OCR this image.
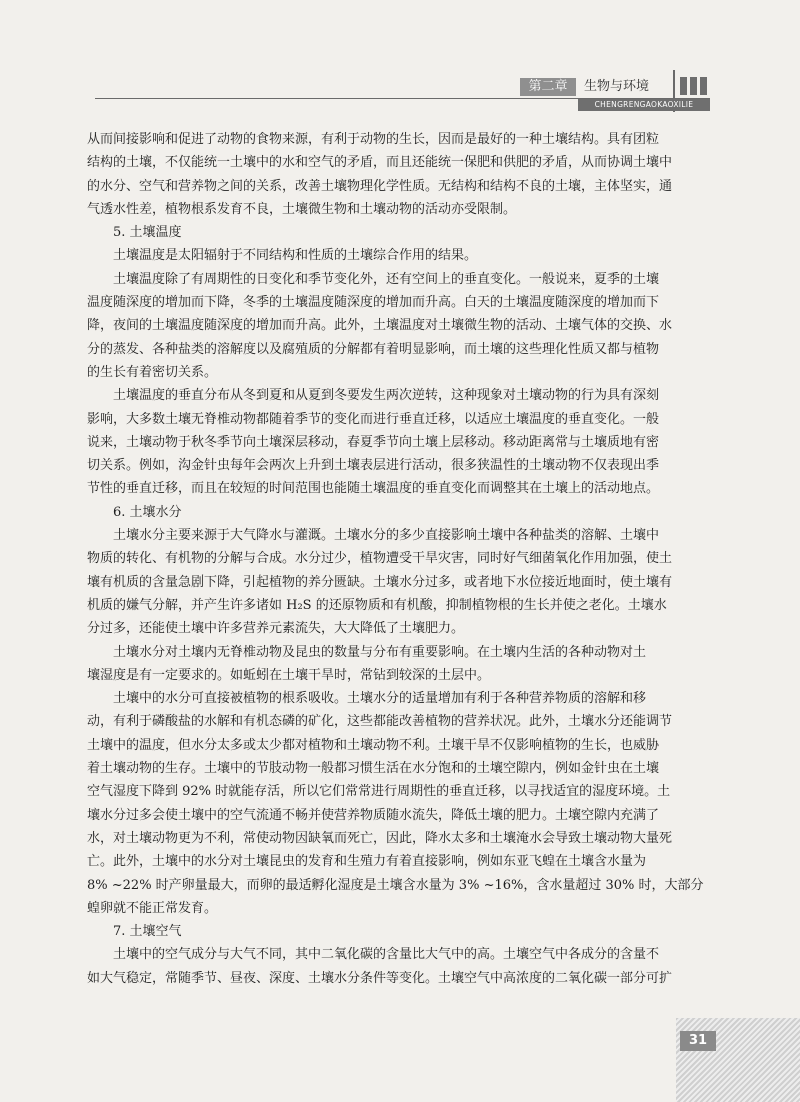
第二章	生物与环境
CHENGRENGAOKAOXILIE
从而间接影响和促进了动物的食物来源，有利于动物的生长，因而是最好的一种土壤结构。具有团粒
结构的土壤，不仅能统一土壤中的水和空气的矛盾，而且还能统一保肥和供肥的矛盾，从而协调土壤中
的水分、空气和营养物之间的关系，改善土壤物理化学性质。无结构和结构不良的土壤，主体坚实，通
气透水性差，植物根系发育不良，土壤微生物和土壤动物的活动亦受限制。
5. 土壤温度
土壤温度是太阳辐射于不同结构和性质的土壤综合作用的结果。
土壤温度除了有周期性的日变化和季节变化外，还有空间上的垂直变化。一般说来，夏季的土壤
温度随深度的增加而下降，冬季的土壤温度随深度的增加而升高。白天的土壤温度随深度的增加而下
降，夜间的土壤温度随深度的增加而升高。此外，土壤温度对土壤微生物的活动、土壤气体的交换、水
分的蒸发、各种盐类的溶解度以及腐殖质的分解都有着明显影响，而土壤的这些理化性质又都与植物
的生长有着密切关系。
土壤温度的垂直分布从冬到夏和从夏到冬要发生两次逆转，这种现象对土壤动物的行为具有深刻
影响，大多数土壤无脊椎动物都随着季节的变化而进行垂直迁移，以适应土壤温度的垂直变化。一般
说来，土壤动物于秋冬季节向土壤深层移动，春夏季节向土壤上层移动。移动距离常与土壤质地有密
切关系。例如，沟金针虫每年会两次上升到土壤表层进行活动，很多狭温性的土壤动物不仅表现出季
节性的垂直迁移，而且在较短的时间范围也能随土壤温度的垂直变化而调整其在土壤上的活动地点。
6. 土壤水分
土壤水分主要来源于大气降水与灌溉。土壤水分的多少直接影响土壤中各种盐类的溶解、土壤中
物质的转化、有机物的分解与合成。水分过少，植物遭受干旱灾害，同时好气细菌氧化作用加强，使土
壤有机质的含量急剧下降，引起植物的养分匮缺。土壤水分过多，或者地下水位接近地面时，使土壤有
机质的嫌气分解，并产生许多诸如 H₂S 的还原物质和有机酸，抑制植物根的生长并使之老化。土壤水
分过多，还能使土壤中许多营养元素流失，大大降低了土壤肥力。
土壤水分对土壤内无脊椎动物及昆虫的数量与分布有重要影响。在土壤内生活的各种动物对土
壤湿度是有一定要求的。如蚯蚓在土壤干旱时，常钻到较深的土层中。
土壤中的水分可直接被植物的根系吸收。土壤水分的适量增加有利于各种营养物质的溶解和移
动，有利于磷酸盐的水解和有机态磷的矿化，这些都能改善植物的营养状况。此外，土壤水分还能调节
土壤中的温度，但水分太多或太少都对植物和土壤动物不利。土壤干旱不仅影响植物的生长，也威胁
着土壤动物的生存。土壤中的节肢动物一般都习惯生活在水分饱和的土壤空隙内，例如金针虫在土壤
空气湿度下降到 92% 时就能存活，所以它们常常进行周期性的垂直迁移，以寻找适宜的湿度环境。土
壤水分过多会使土壤中的空气流通不畅并使营养物质随水流失，降低土壤的肥力。土壤空隙内充满了
水，对土壤动物更为不利，常使动物因缺氧而死亡，因此，降水太多和土壤淹水会导致土壤动物大量死
亡。此外，土壤中的水分对土壤昆虫的发育和生殖力有着直接影响，例如东亚飞蝗在土壤含水量为
8% ~22% 时产卵量最大，而卵的最适孵化湿度是土壤含水量为 3% ~16%，含水量超过 30% 时，大部分
蝗卵就不能正常发育。
7. 土壤空气
土壤中的空气成分与大气不同，其中二氧化碳的含量比大气中的高。土壤空气中各成分的含量不
如大气稳定，常随季节、昼夜、深度、土壤水分条件等变化。土壤空气中高浓度的二氧化碳一部分可扩
31
